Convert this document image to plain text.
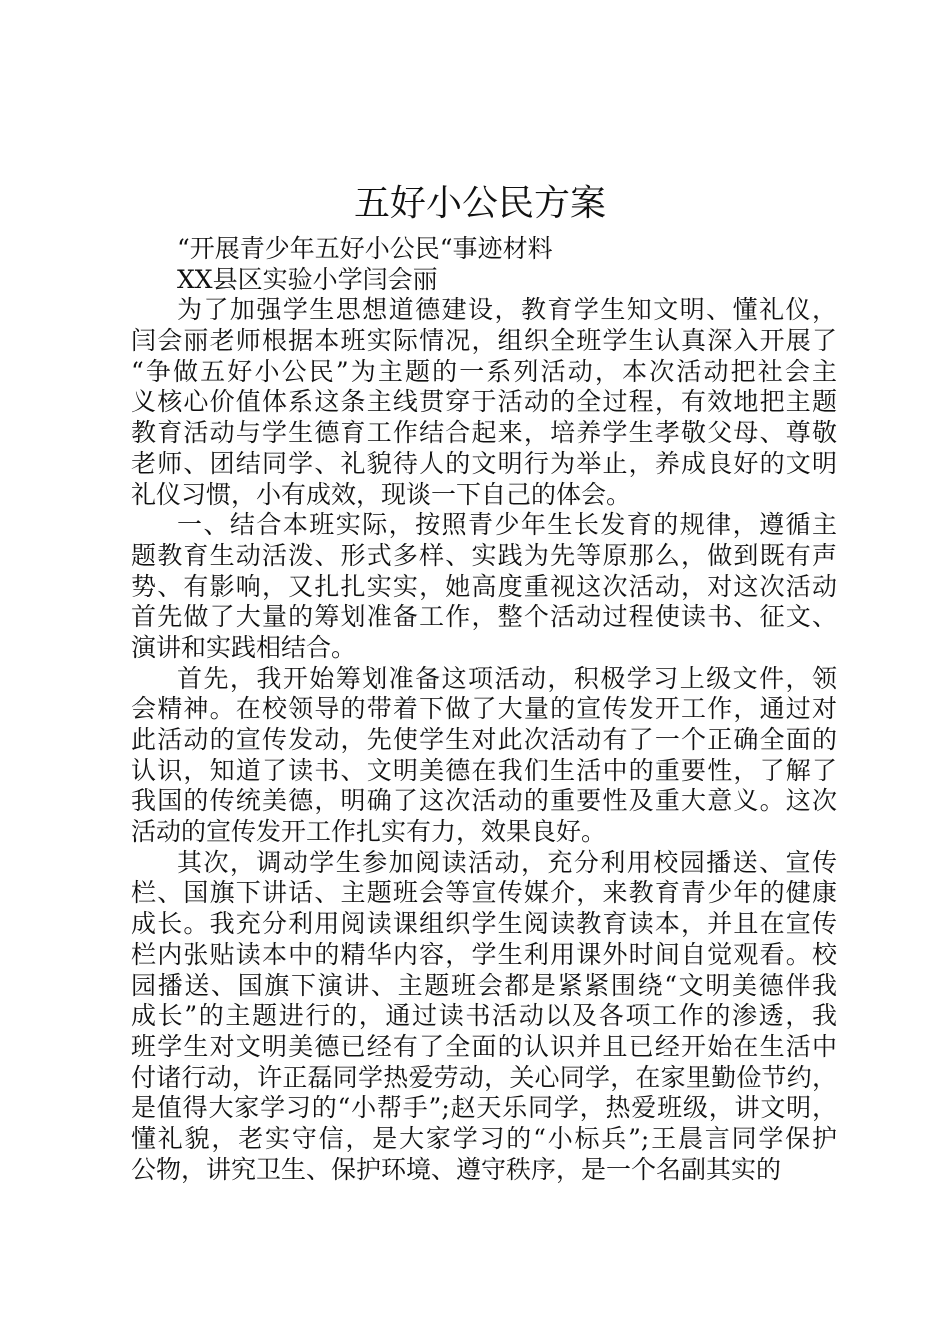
五好小公民方案
“开展青少年五好小公民“事迹材料
XX县区实验小学闫会丽
为了加强学生思想道德建设，教育学生知文明、懂礼仪，
闫会丽老师根据本班实际情况，组织全班学生认真深入开展了
“争做五好小公民”为主题的一系列活动，本次活动把社会主
义核心价值体系这条主线贯穿于活动的全过程，有效地把主题
教育活动与学生德育工作结合起来，培养学生孝敬父母、尊敬
老师、团结同学、礼貌待人的文明行为举止，养成良好的文明
礼仪习惯，小有成效，现谈一下自己的体会。
一、结合本班实际，按照青少年生长发育的规律，遵循主
题教育生动活泼、形式多样、实践为先等原那么，做到既有声
势、有影响，又扎扎实实，她高度重视这次活动，对这次活动
首先做了大量的筹划准备工作，整个活动过程使读书、征文、
演讲和实践相结合。
首先，我开始筹划准备这项活动，积极学习上级文件，领
会精神。在校领导的带着下做了大量的宣传发开工作，通过对
此活动的宣传发动，先使学生对此次活动有了一个正确全面的
认识，知道了读书、文明美德在我们生活中的重要性，了解了
我国的传统美德，明确了这次活动的重要性及重大意义。这次
活动的宣传发开工作扎实有力，效果良好。
其次，调动学生参加阅读活动，充分利用校园播送、宣传
栏、国旗下讲话、主题班会等宣传媒介，来教育青少年的健康
成长。我充分利用阅读课组织学生阅读教育读本，并且在宣传
栏内张贴读本中的精华内容，学生利用课外时间自觉观看。校
园播送、国旗下演讲、主题班会都是紧紧围绕“文明美德伴我
成长”的主题进行的，通过读书活动以及各项工作的渗透，我
班学生对文明美德已经有了全面的认识并且已经开始在生活中
付诸行动，许正磊同学热爱劳动，关心同学，在家里勤俭节约，
是值得大家学习的“小帮手”;赵天乐同学，热爱班级，讲文明，
懂礼貌，老实守信，是大家学习的“小标兵”;王晨言同学保护
公物，讲究卫生、保护环境、遵守秩序，是一个名副其实的
